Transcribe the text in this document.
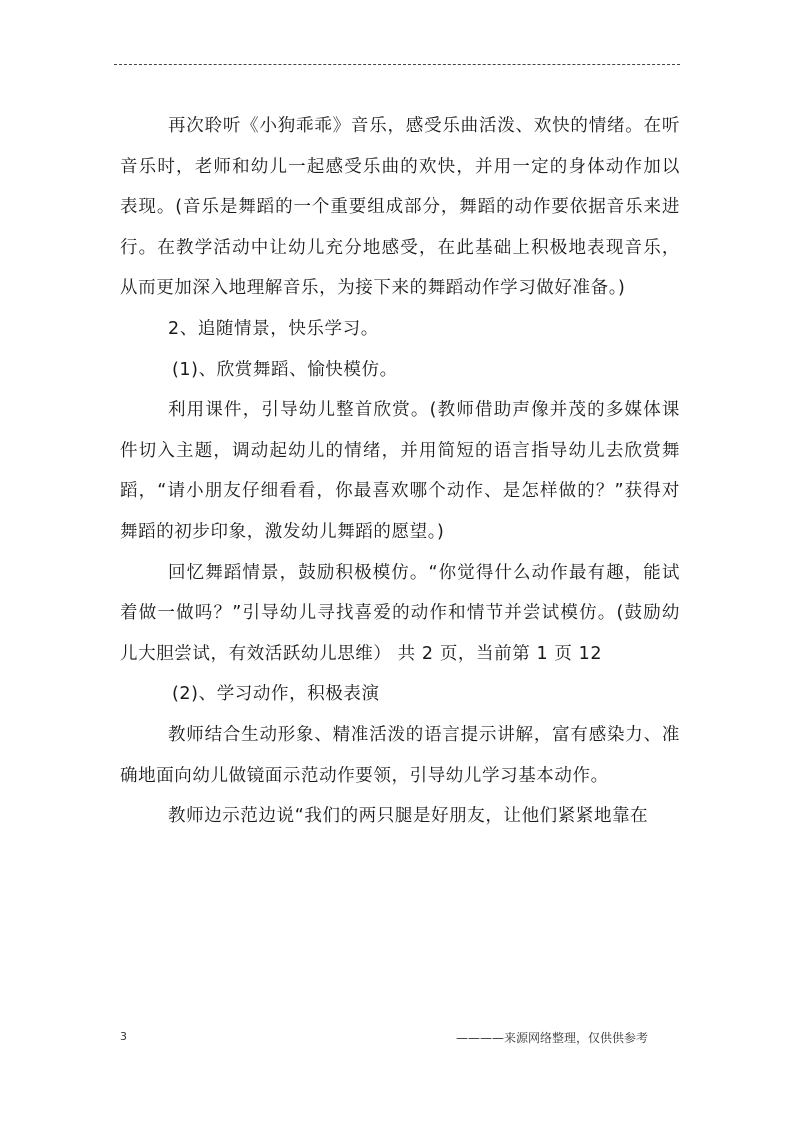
再次聆听《小狗乖乖》音乐，感受乐曲活泼、欢快的情绪。在听音乐时，老师和幼儿一起感受乐曲的欢快，并用一定的身体动作加以表现。(音乐是舞蹈的一个重要组成部分，舞蹈的动作要依据音乐来进行。在教学活动中让幼儿充分地感受，在此基础上积极地表现音乐，从而更加深入地理解音乐，为接下来的舞蹈动作学习做好准备。)

2、追随情景，快乐学习。

(1)、欣赏舞蹈、愉快模仿。

利用课件，引导幼儿整首欣赏。(教师借助声像并茂的多媒体课件切入主题，调动起幼儿的情绪，并用简短的语言指导幼儿去欣赏舞蹈，“请小朋友仔细看看，你最喜欢哪个动作、是怎样做的？”获得对舞蹈的初步印象，激发幼儿舞蹈的愿望。)

回忆舞蹈情景，鼓励积极模仿。“你觉得什么动作最有趣，能试着做一做吗？”引导幼儿寻找喜爱的动作和情节并尝试模仿。(鼓励幼儿大胆尝试，有效活跃幼儿思维） 共 2 页，当前第 1 页 12

(2)、学习动作，积极表演

教师结合生动形象、精准活泼的语言提示讲解，富有感染力、准确地面向幼儿做镜面示范动作要领，引导幼儿学习基本动作。

教师边示范边说“我们的两只腿是好朋友，让他们紧紧地靠在

3	————来源网络整理，仅供供参考
